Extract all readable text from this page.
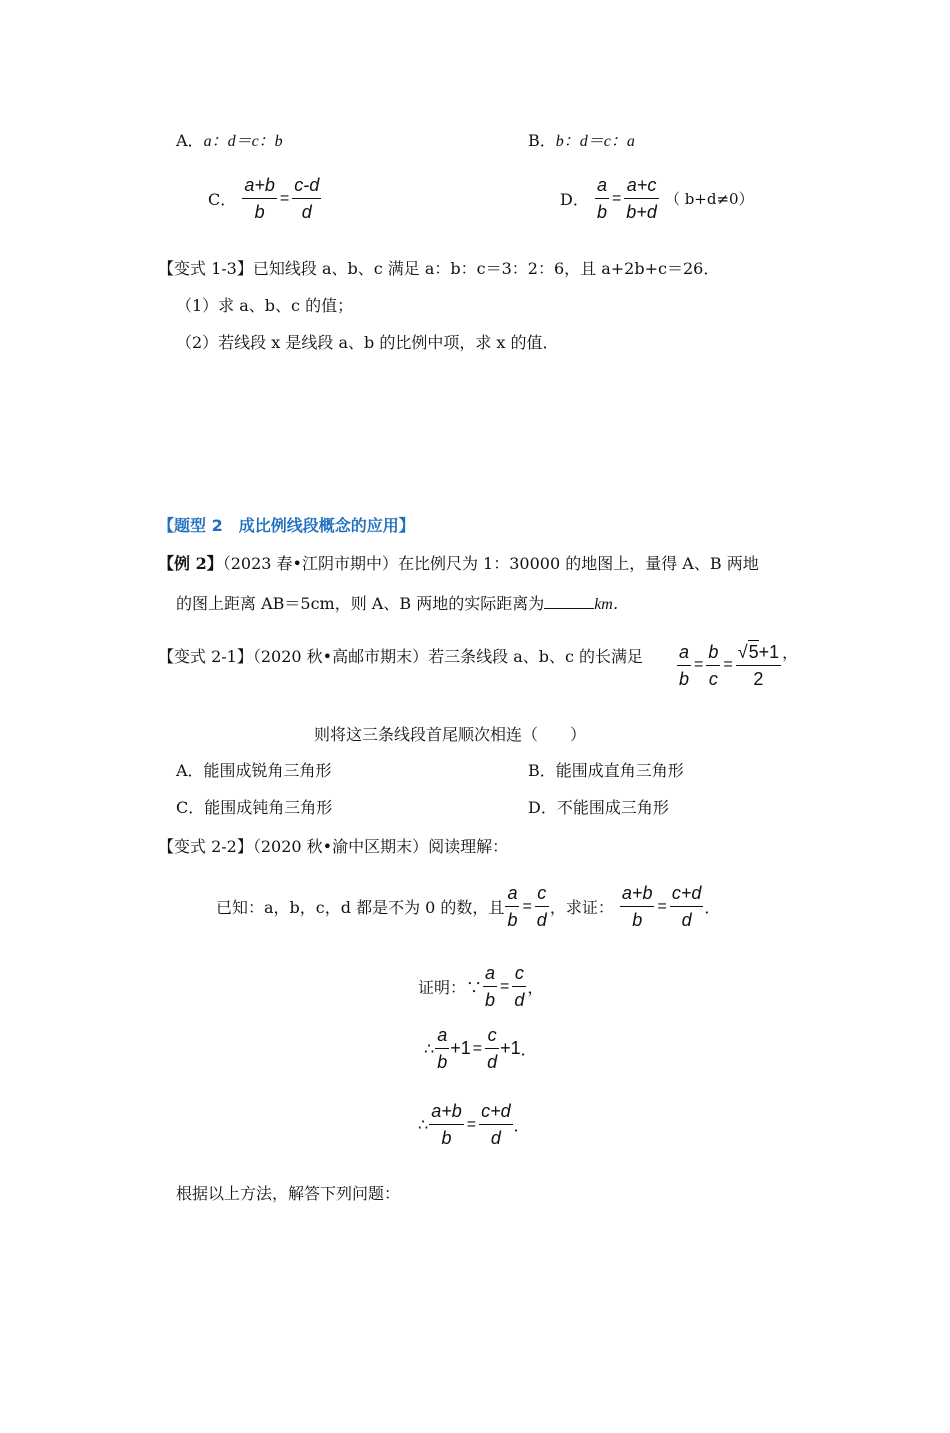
A．a：d＝c：b	B．b：d＝c：a
C． $\frac{a+b}{b} = \frac{c-d}{d}$	D． $\frac{a}{b} = \frac{a+c}{b+d}$ （ b+d≠0）
【变式 1-3】已知线段 a、b、c 满足 a：b：c＝3：2：6，且 a+2b+c＝26．
（1）求 a、b、c 的值；
（2）若线段 x 是线段 a、b 的比例中项，求 x 的值．
【题型 2　成比例线段概念的应用】
【例 2】（2023 春•江阴市期中）在比例尺为 1：30000 的地图上，量得 A、B 两地
的图上距离 AB＝5cm，则 A、B 两地的实际距离为	km．
【变式 2-1】（2020 秋•高邮市期末）若三条线段 a、b、c 的长满足 $\frac{a}{b} = \frac{b}{c} = \frac{√5+1}{2}$ ，
则将这三条线段首尾顺次相连（　　）
A．能围成锐角三角形	B．能围成直角三角形
C．能围成钝角三角形	D．不能围成三角形
【变式 2-2】（2020 秋•渝中区期末）阅读理解：
已知：a，b，c，d 都是不为 0 的数，且 $\frac{a}{b} = \frac{c}{d}$ ，求证： $\frac{a+b}{b} = \frac{c+d}{d}$ ．
证明：∵ $\frac{a}{b} = \frac{c}{d}$ ，
∴ $\frac{a}{b} +1 = \frac{c}{d} +1$．
∴ $\frac{a+b}{b} = \frac{c+d}{d}$ ．
根据以上方法，解答下列问题：
